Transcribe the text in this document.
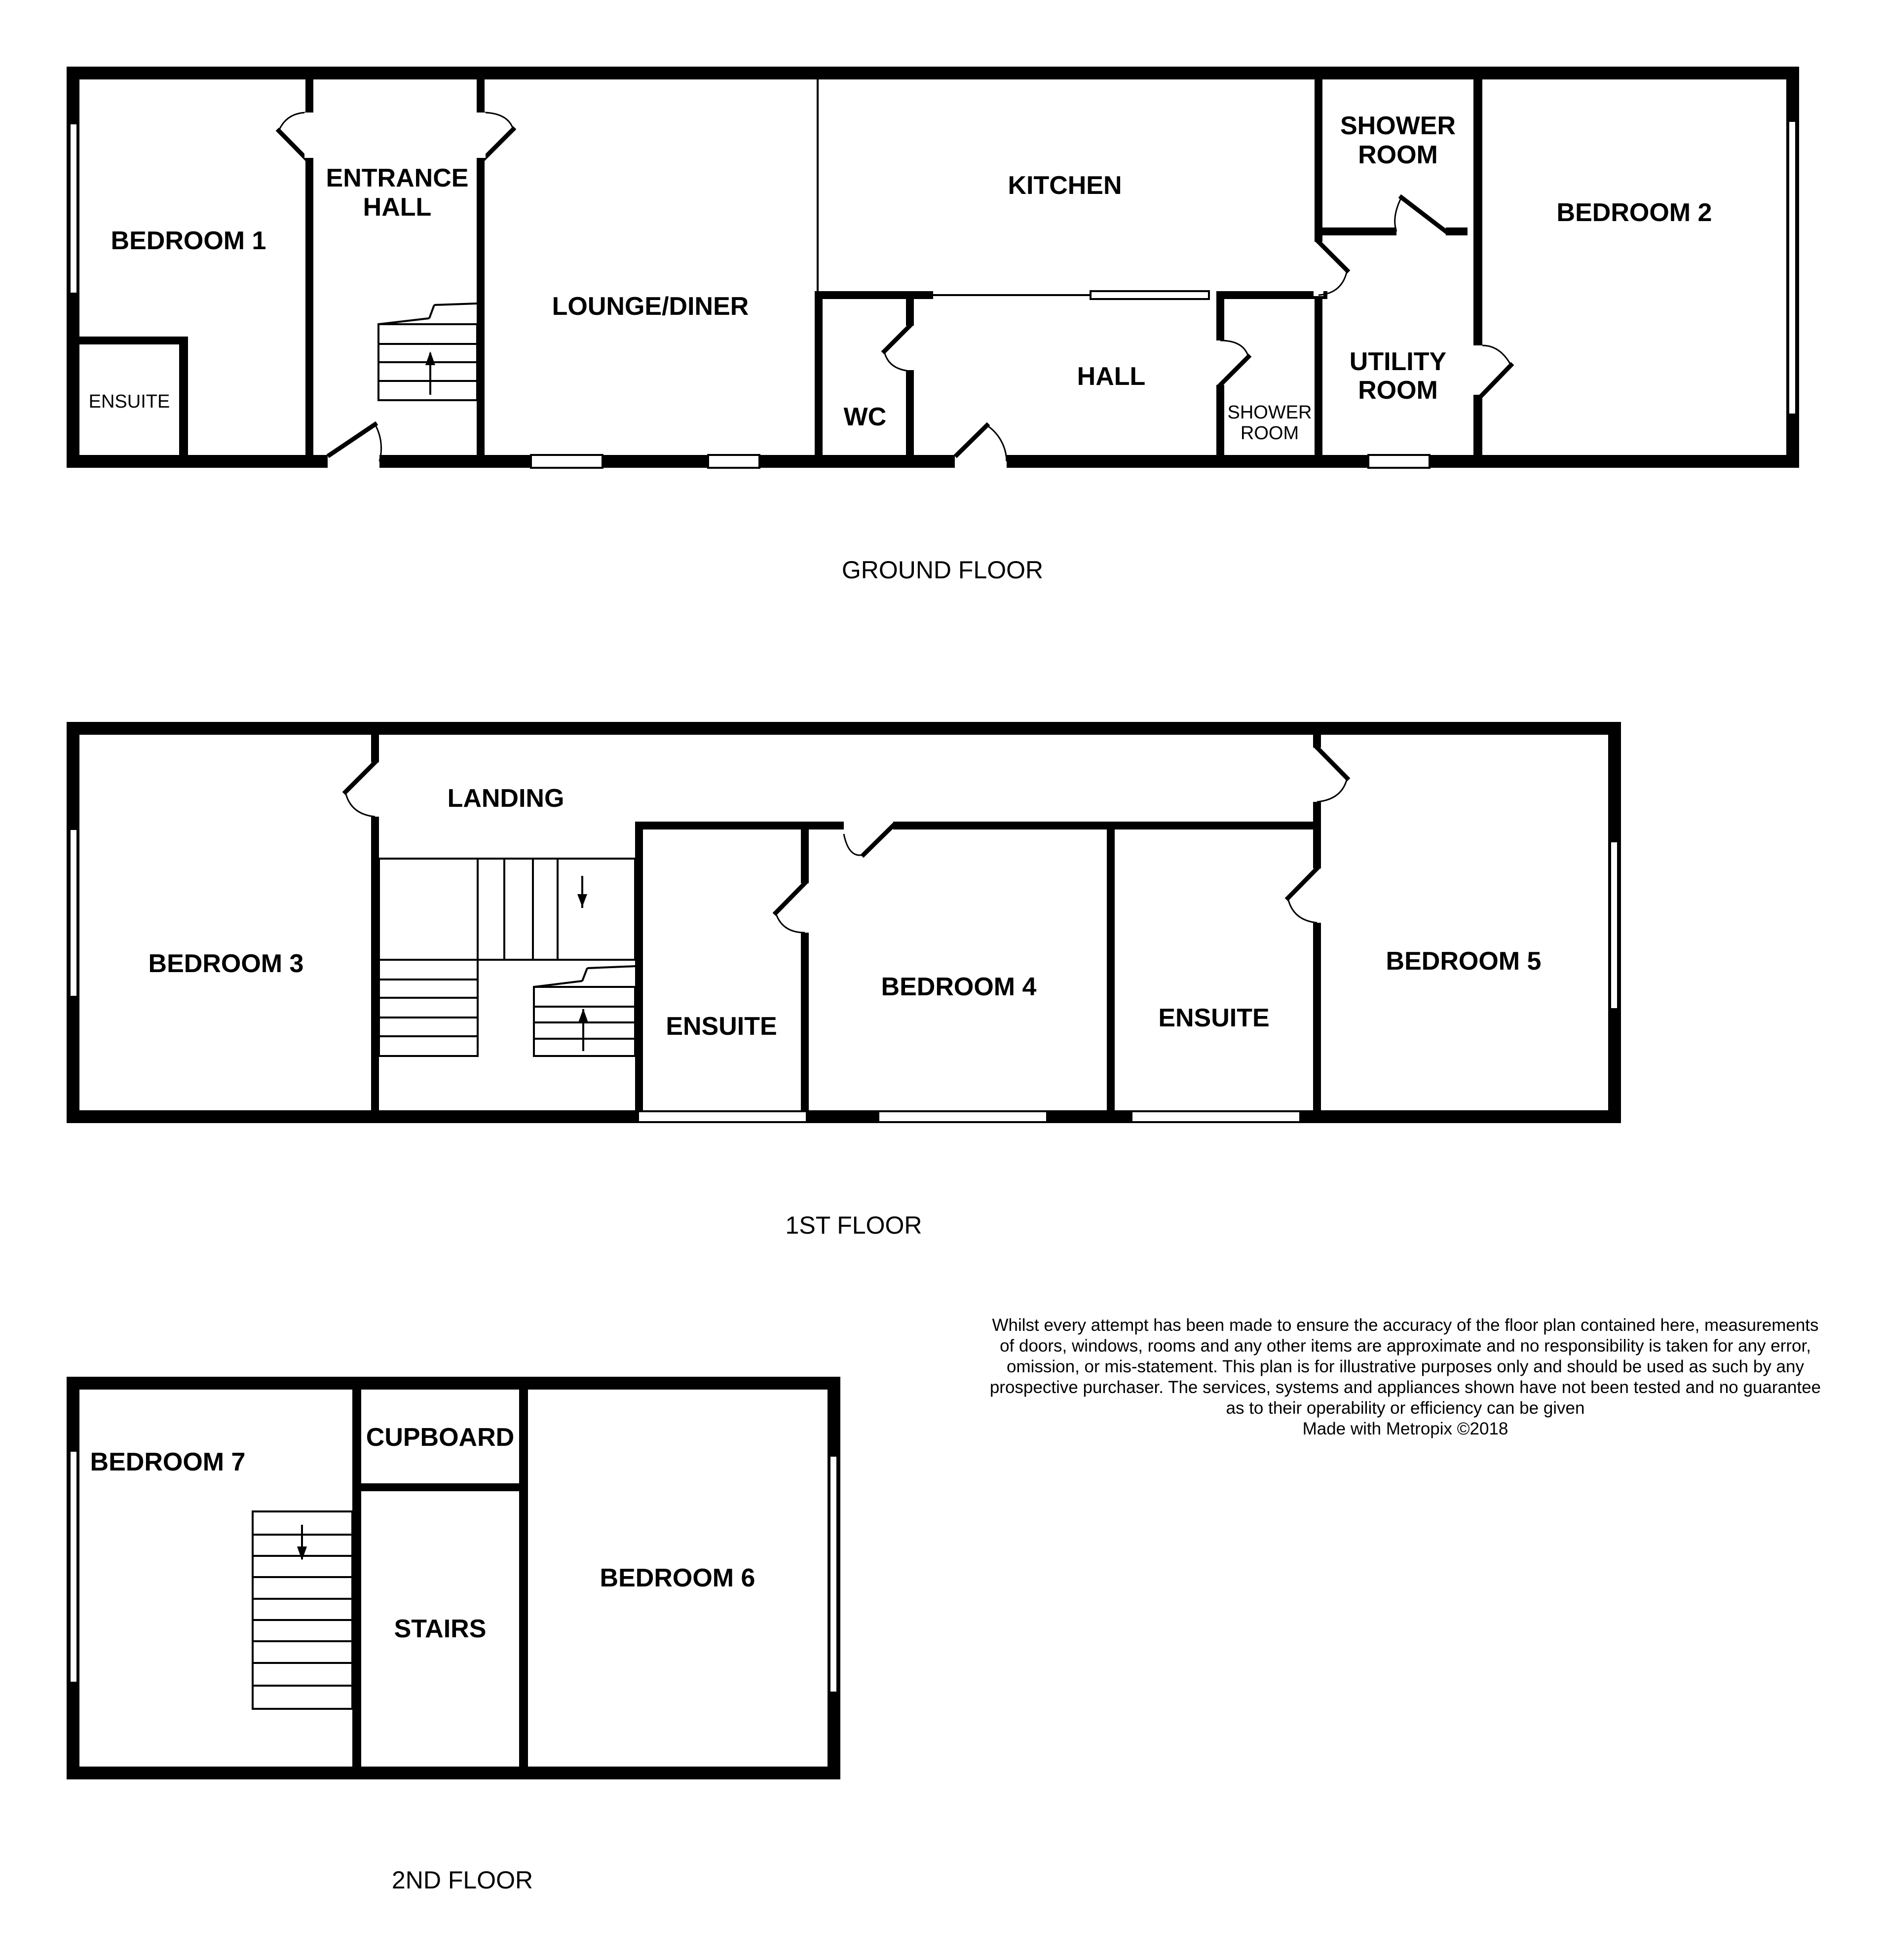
BEDROOM 1
ENSUITE
ENTRANCE
HALL
LOUNGE/DINER
KITCHEN
WC
HALL
SHOWER
ROOM
SHOWER
ROOM
UTILITY
ROOM
BEDROOM 2
GROUND FLOOR
BEDROOM 3
LANDING
ENSUITE
BEDROOM 4
ENSUITE
BEDROOM 5
1ST FLOOR
BEDROOM 7
CUPBOARD
STAIRS
BEDROOM 6
2ND FLOOR
Whilst every attempt has been made to ensure the accuracy of the floor plan contained here, measurements
of doors, windows, rooms and any other items are approximate and no responsibility is taken for any error,
omission, or mis-statement. This plan is for illustrative purposes only and should be used as such by any
prospective purchaser. The services, systems and appliances shown have not been tested and no guarantee
as to their operability or efficiency can be given
Made with Metropix ©2018
